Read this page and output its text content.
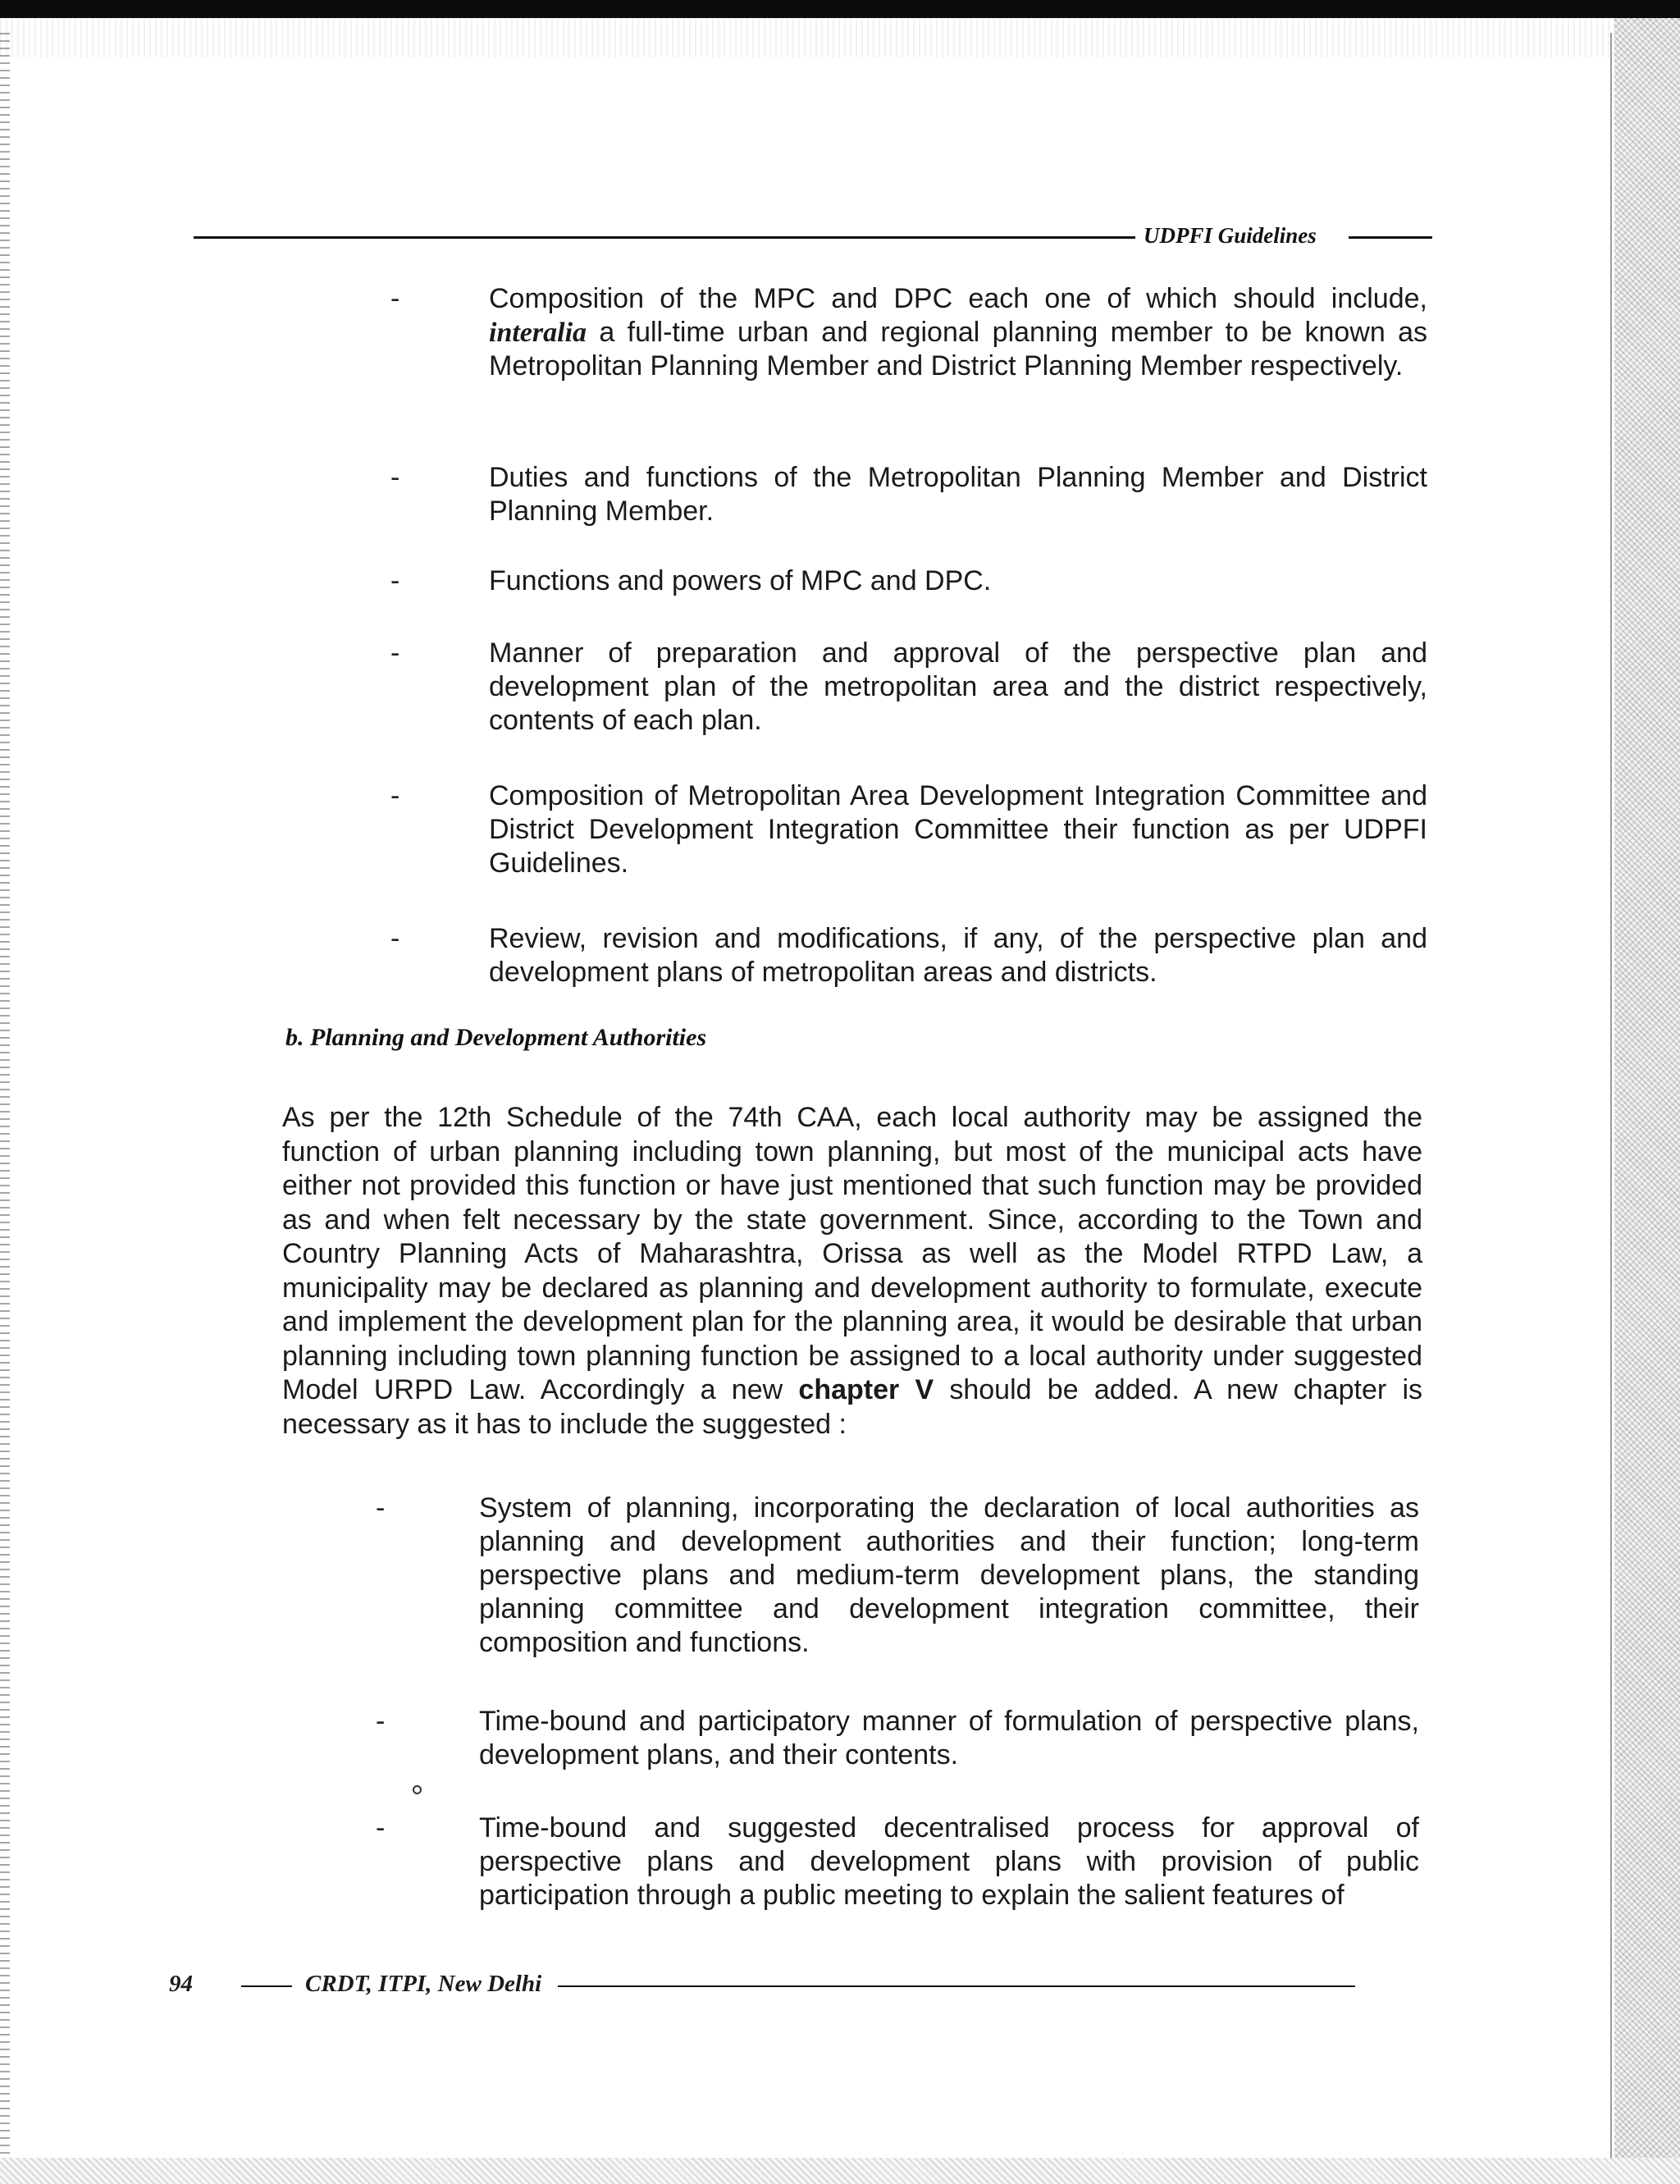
UDPFI Guidelines
-	Composition of the MPC and DPC each one of which should include, interalia a full-time urban and regional planning member to be known as Metropolitan Planning Member and District Planning Member respectively.
-	Duties and functions of the Metropolitan Planning Member and District Planning Member.
-	Functions and powers of MPC and DPC.
-	Manner of preparation and approval of the perspective plan and development plan of the metropolitan area and the district respectively, contents of each plan.
-	Composition of Metropolitan Area Development Integration Committee and District Development Integration Committee their function as per UDPFI Guidelines.
-	Review, revision and modifications, if any, of the perspective plan and development plans of metropolitan areas and districts.
b. Planning and Development Authorities
As per the 12th Schedule of the 74th CAA, each local authority may be assigned the function of urban planning including town planning, but most of the municipal acts have either not provided this function or have just mentioned that such function may be provided as and when felt necessary by the state government. Since, according to the Town and Country Planning Acts of Maharashtra, Orissa as well as the Model RTPD Law, a municipality may be declared as planning and development authority to formulate, execute and implement the development plan for the planning area, it would be desirable that urban planning including town planning function be assigned to a local authority under suggested Model URPD Law. Accordingly a new chapter V should be added. A new chapter is necessary as it has to include the suggested :
-	System of planning, incorporating the declaration of local authorities as planning and development authorities and their function; long-term perspective plans and medium-term development plans, the standing planning committee and development integration committee, their composition and functions.
-	Time-bound and participatory manner of formulation of perspective plans, development plans, and their contents.
-	Time-bound and suggested decentralised process for approval of perspective plans and development plans with provision of public participation through a public meeting to explain the salient features of
94	CRDT, ITPI, New Delhi
